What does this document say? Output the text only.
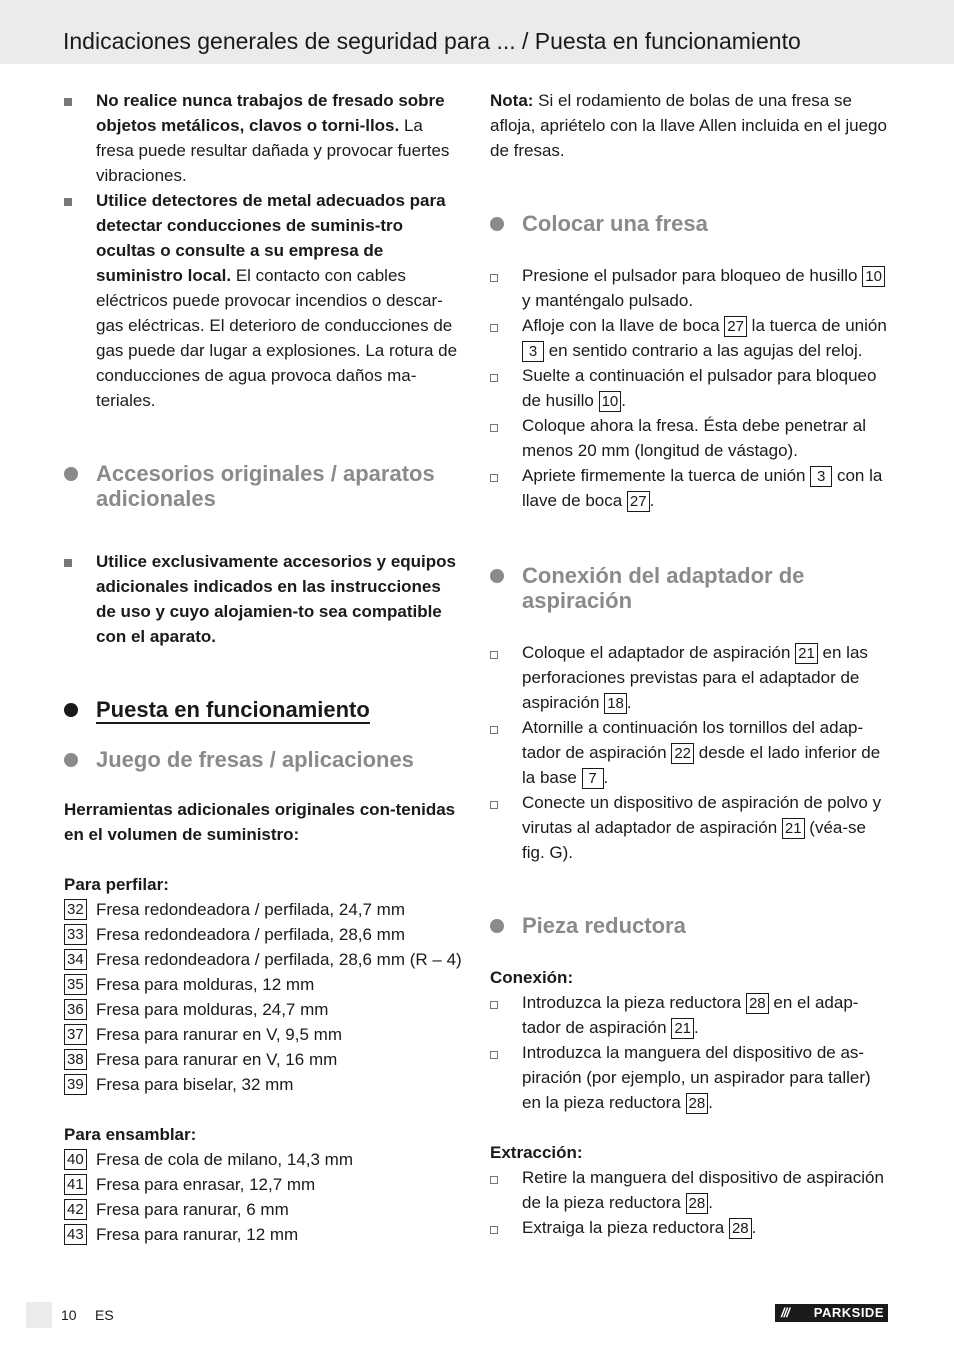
Indicaciones generales de seguridad para ... / Puesta en funcionamiento
No realice nunca trabajos de fresado sobre objetos metálicos, clavos o torni-llos. La fresa puede resultar dañada y provocar fuertes vibraciones.
Utilice detectores de metal adecuados para detectar conducciones de suminis-tro ocultas o consulte a su empresa de suministro local. El contacto con cables eléctricos puede provocar incendios o descar-gas eléctricas. El deterioro de conducciones de gas puede dar lugar a explosiones. La rotura de conducciones de agua provoca daños ma-teriales.
Accesorios originales / aparatos adicionales
Utilice exclusivamente accesorios y equipos adicionales indicados en las instrucciones de uso y cuyo alojamien-to sea compatible con el aparato.
Puesta en funcionamiento
Juego de fresas / aplicaciones

Herramientas adicionales originales con-tenidas en el volumen de suministro:

Para perfilar:

32 Fresa redondeadora / perfilada, 24,7 mm
33 Fresa redondeadora / perfilada, 28,6 mm
34 Fresa redondeadora / perfilada, 28,6 mm (R – 4)
35 Fresa para molduras, 12 mm
36 Fresa para molduras, 24,7 mm
37 Fresa para ranurar en V, 9,5 mm
38 Fresa para ranurar en V, 16 mm
39 Fresa para biselar, 32 mm

Para ensamblar:

40 Fresa de cola de milano, 14,3 mm
41 Fresa para enrasar, 12,7 mm
42 Fresa para ranurar, 6 mm
43 Fresa para ranurar, 12 mm

Nota: Si el rodamiento de bolas de una fresa se afloja, apriételo con la llave Allen incluida en el juego de fresas.

Colocar una fresa
Presione el pulsador para bloqueo de husillo 10 y manténgalo pulsado.
Afloje con la llave de boca 27 la tuerca de unión 3 en sentido contrario a las agujas del reloj.
Suelte a continuación el pulsador para bloqueo de husillo 10 .
Coloque ahora la fresa. Ésta debe penetrar al menos 20 mm (longitud de vástago).
Apriete firmemente la tuerca de unión 3 con la llave de boca 27 .
Conexión del adaptador de aspiración
Coloque el adaptador de aspiración 21 en las perforaciones previstas para el adaptador de aspiración 18 .
Atornille a continuación los tornillos del adap-tador de aspiración 22 desde el lado inferior de la base 7 .
Conecte un dispositivo de aspiración de polvo y virutas al adaptador de aspiración 21 (véa-se fig. G).
Pieza reductora

Conexión:

Introduzca la pieza reductora 28 en el adap-tador de aspiración 21 .
Introduzca la manguera del dispositivo de as-piración (por ejemplo, un aspirador para taller) en la pieza reductora 28 .

Extracción:

Retire la manguera del dispositivo de aspiración de la pieza reductora 28 .
Extraiga la pieza reductora 28 .
10 ES	/// PARKSIDE
